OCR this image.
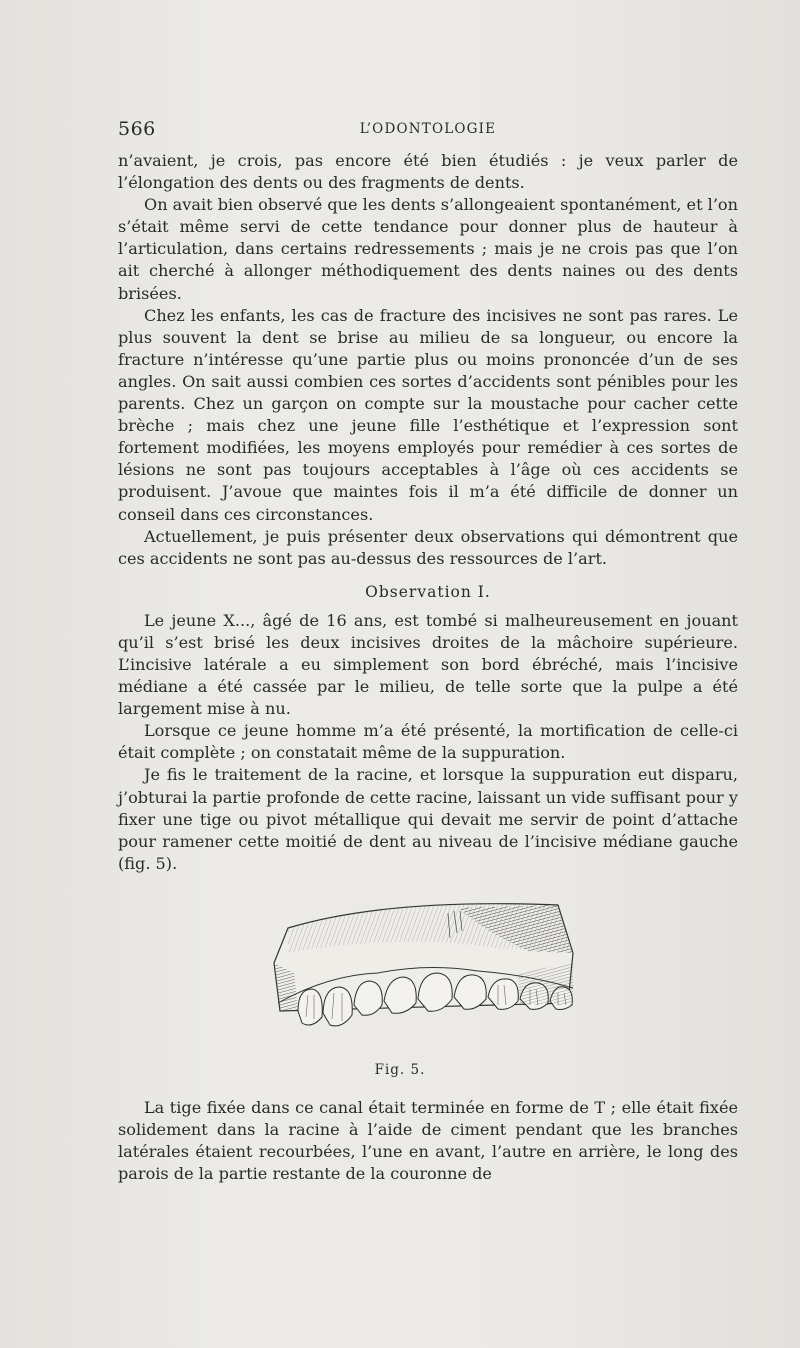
566	L’ODONTOLOGIE

n’avaient, je crois, pas encore été bien étudiés : je veux parler de l’élongation des dents ou des fragments de dents.

On avait bien observé que les dents s’allongeaient spontanément, et l’on s’était même servi de cette tendance pour donner plus de hauteur à l’articulation, dans certains redressements ; mais je ne crois pas que l’on ait cherché à allonger méthodiquement des dents naines ou des dents brisées.

Chez les enfants, les cas de fracture des incisives ne sont pas rares. Le plus souvent la dent se brise au milieu de sa longueur, ou encore la fracture n’intéresse qu’une partie plus ou moins prononcée d’un de ses angles. On sait aussi combien ces sortes d’accidents sont pénibles pour les parents. Chez un garçon on compte sur la moustache pour cacher cette brèche ; mais chez une jeune fille l’esthétique et l’expression sont fortement modifiées, les moyens employés pour remédier à ces sortes de lésions ne sont pas toujours acceptables à l’âge où ces accidents se produisent. J’avoue que maintes fois il m’a été difficile de donner un conseil dans ces circonstances.

Actuellement, je puis présenter deux observations qui démontrent que ces accidents ne sont pas au-dessus des ressources de l’art.

Observation I.

Le jeune X..., âgé de 16 ans, est tombé si malheureusement en jouant qu’il s’est brisé les deux incisives droites de la mâchoire supérieure. L’incisive latérale a eu simplement son bord ébréché, mais l’incisive médiane a été cassée par le milieu, de telle sorte que la pulpe a été largement mise à nu.

Lorsque ce jeune homme m’a été présenté, la mortification de celle-ci était complète ; on constatait même de la suppuration.

Je fis le traitement de la racine, et lorsque la suppuration eut disparu, j’obturai la partie profonde de cette racine, laissant un vide suffisant pour y fixer une tige ou pivot métallique qui devait me servir de point d’attache pour ramener cette moitié de dent au niveau de l’incisive médiane gauche (fig. 5).

Fig. 5.

La tige fixée dans ce canal était terminée en forme de T ; elle était fixée solidement dans la racine à l’aide de ciment pendant que les branches latérales étaient recourbées, l’une en avant, l’autre en arrière, le long des parois de la partie restante de la couronne de
